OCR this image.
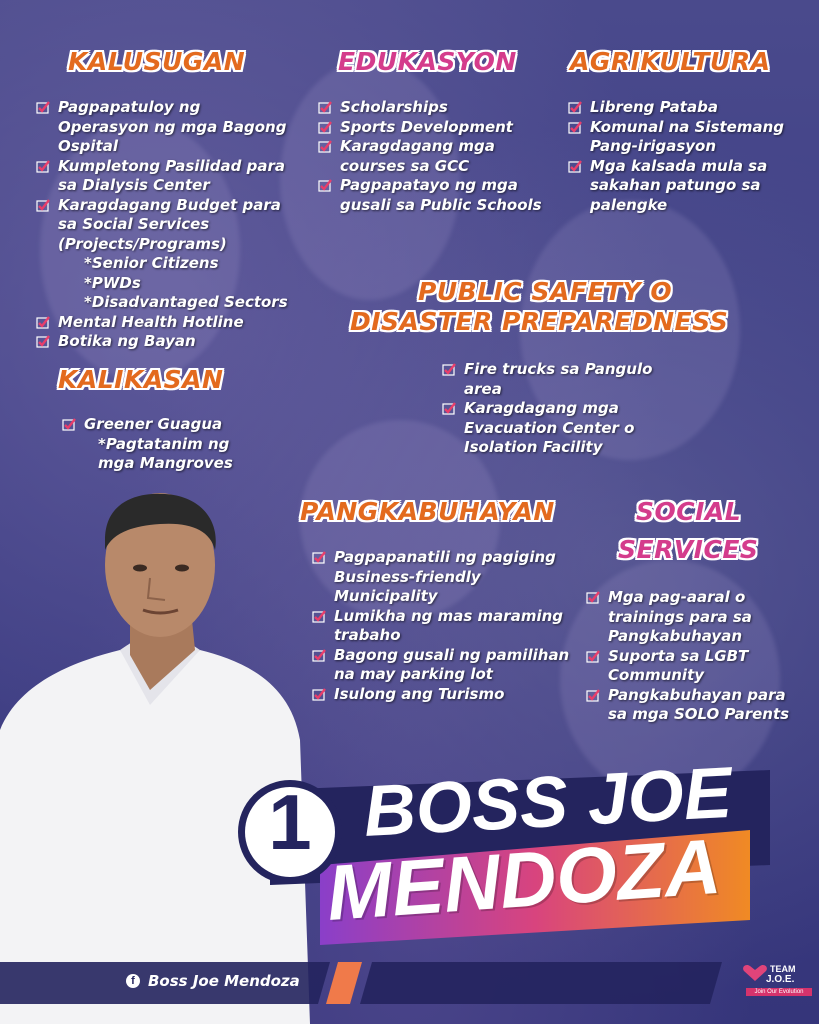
KALUSUGAN
Pagpapatuloy ng Operasyon ng mga Bagong Ospital
Kumpletong Pasilidad para sa Dialysis Center
Karagdagang Budget para sa Social Services (Projects/Programs)
*Senior Citizens
*PWDs
*Disadvantaged Sectors
Mental Health Hotline
Botika ng Bayan
EDUKASYON
Scholarships
Sports Development
Karagdagang mga courses sa GCC
Pagpapatayo ng mga gusali sa Public Schools
AGRIKULTURA
Libreng Pataba
Komunal na Sistemang Pang-irigasyon
Mga kalsada mula sa sakahan patungo sa palengke
PUBLIC SAFETY O
DISASTER PREPAREDNESS
Fire trucks sa Pangulo area
Karagdagang mga Evacuation Center o Isolation Facility
KALIKASAN
Greener Guagua
*Pagtatanim ng mga Mangroves
PANGKABUHAYAN
Pagpapanatili ng pagiging Business-friendly Municipality
Lumikha ng mas maraming trabaho
Bagong gusali ng pamilihan na may parking lot
Isulong ang Turismo
SOCIAL
SERVICES
Mga pag-aaral o trainings para sa Pangkabuhayan
Suporta sa LGBT Community
Pangkabuhayan para sa mga SOLO Parents
1 BOSS JOE
MENDOZA
f Boss Joe Mendoza
TEAM
J.O.E.
Join Our Evolution
